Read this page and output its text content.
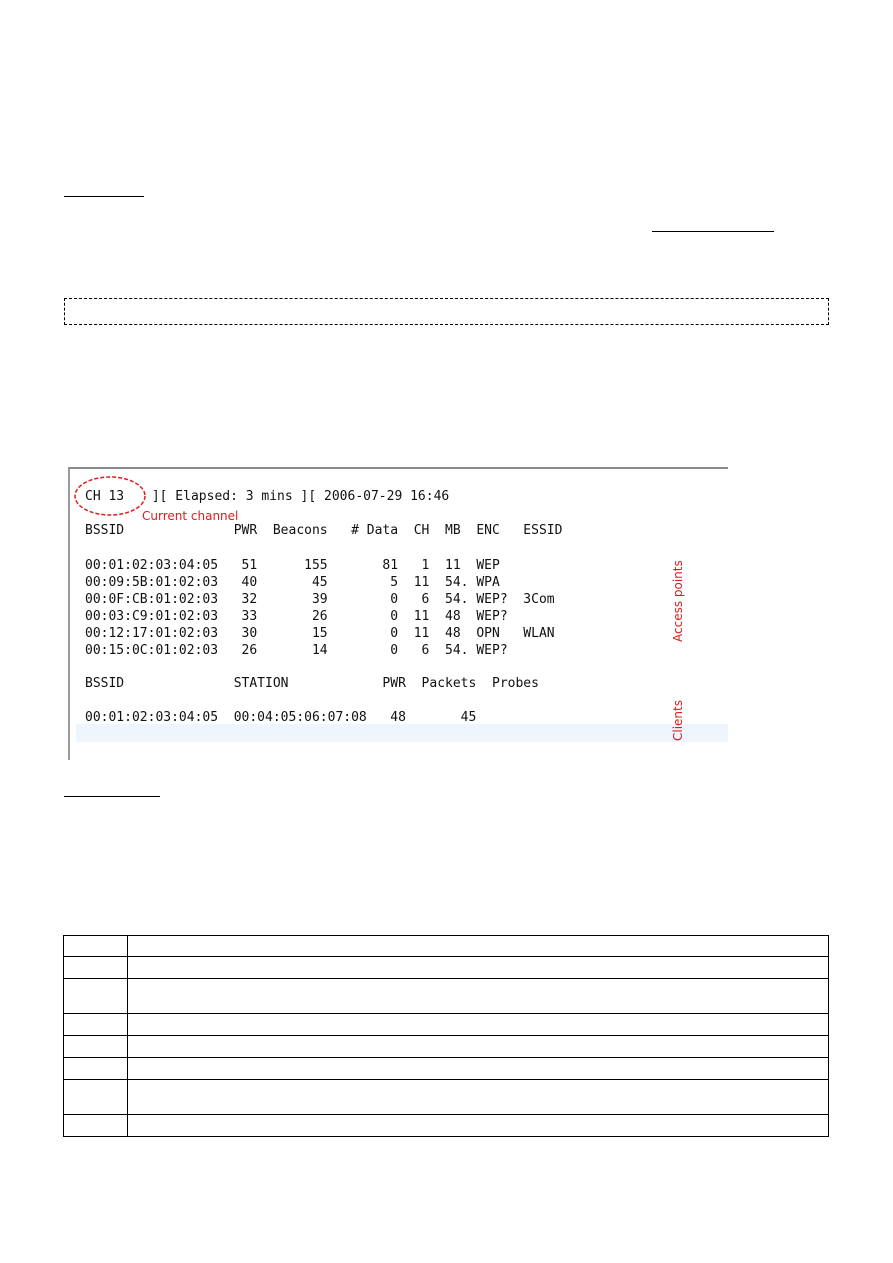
CH 13 ][ Elapsed: 3 mins ][ 2006-07-29 16:46
Current channel
BSSID              PWR  Beacons   # Data  CH  MB  ENC   ESSID
00:01:02:03:04:05   51      155       81   1  11  WEP
00:09:5B:01:02:03   40       45        5  11  54. WPA
00:0F:CB:01:02:03   32       39        0   6  54. WEP?  3Com
00:03:C9:01:02:03   33       26        0  11  48  WEP?
00:12:17:01:02:03   30       15        0  11  48  OPN   WLAN
00:15:0C:01:02:03   26       14        0   6  54. WEP?
Access points
BSSID              STATION            PWR  Packets  Probes
00:01:02:03:04:05  00:04:05:06:07:08   48       45	Clients
